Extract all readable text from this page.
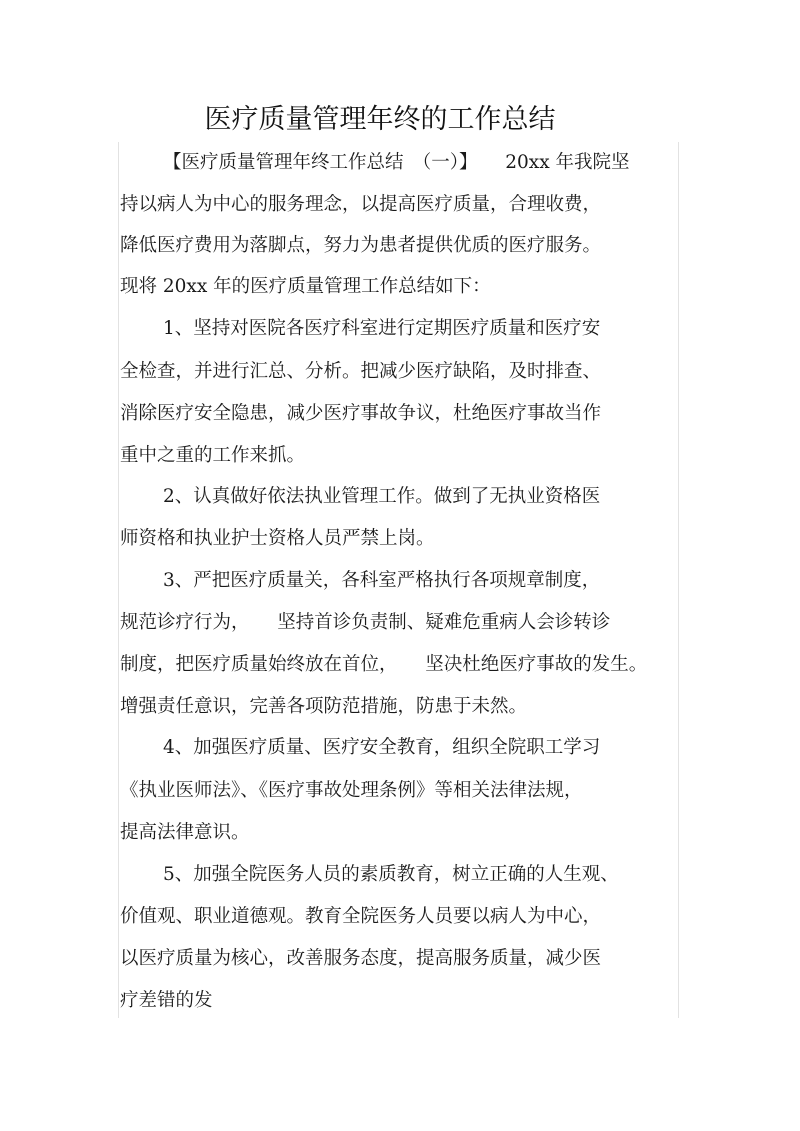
医疗质量管理年终的工作总结
【医疗质量管理年终工作总结　（一）】　　20xx 年我院坚
持以病人为中心的服务理念，以提高医疗质量，合理收费，
降低医疗费用为落脚点，努力为患者提供优质的医疗服务。
现将 20xx 年的医疗质量管理工作总结如下：
1、坚持对医院各医疗科室进行定期医疗质量和医疗安
全检查，并进行汇总、分析。把减少医疗缺陷，及时排查、
消除医疗安全隐患，减少医疗事故争议，杜绝医疗事故当作
重中之重的工作来抓。
2、认真做好依法执业管理工作。做到了无执业资格医
师资格和执业护士资格人员严禁上岗。
3、严把医疗质量关，各科室严格执行各项规章制度，
规范诊疗行为，　　坚持首诊负责制、疑难危重病人会诊转诊
制度，把医疗质量始终放在首位，　　坚决杜绝医疗事故的发生。
增强责任意识，完善各项防范措施，防患于未然。
4、加强医疗质量、医疗安全教育，组织全院职工学习
《执业医师法》、《医疗事故处理条例》等相关法律法规，
提高法律意识。
5、加强全院医务人员的素质教育，树立正确的人生观、
价值观、职业道德观。教育全院医务人员要以病人为中心，
以医疗质量为核心，改善服务态度，提高服务质量，减少医
疗差错的发
